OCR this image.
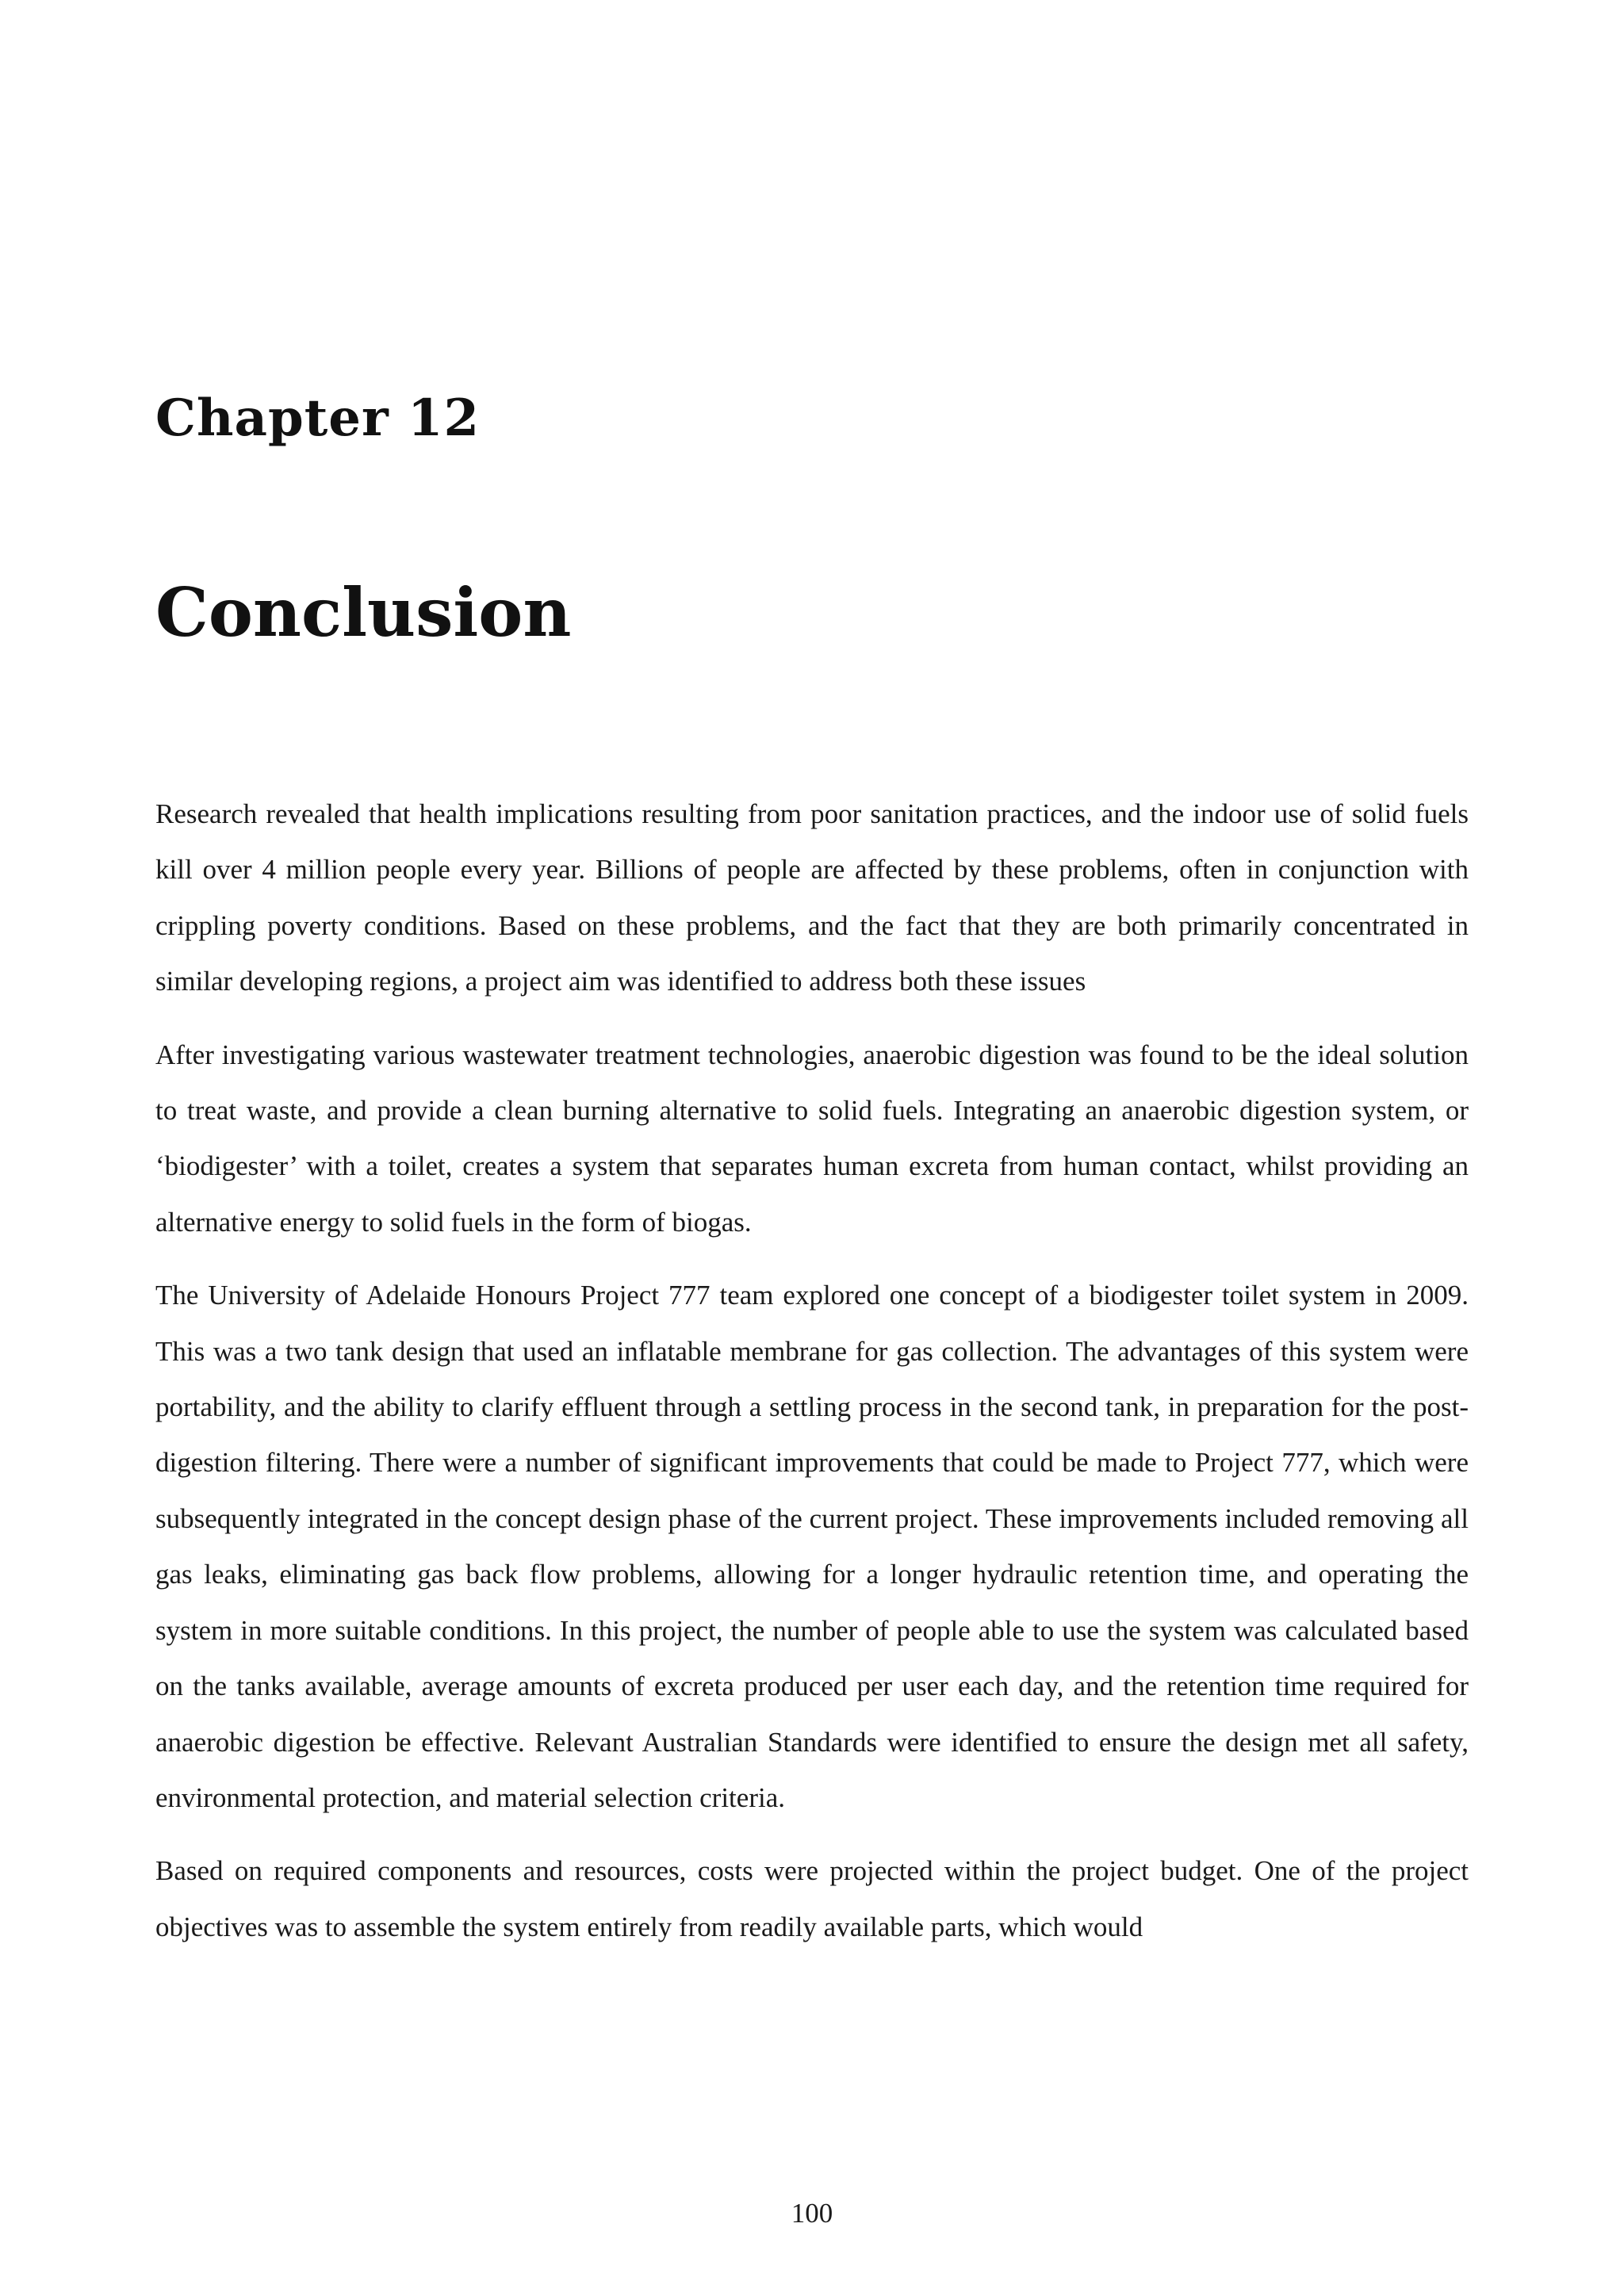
Chapter 12
Conclusion

Research revealed that health implications resulting from poor sanitation practices, and the indoor use of solid fuels kill over 4 million people every year. Billions of people are affected by these problems, often in conjunction with crippling poverty conditions. Based on these problems, and the fact that they are both primarily concentrated in similar developing regions, a project aim was identified to address both these issues

After investigating various wastewater treatment technologies, anaerobic digestion was found to be the ideal solution to treat waste, and provide a clean burning alternative to solid fuels. Integrating an anaerobic digestion system, or ‘biodigester’ with a toilet, creates a system that separates human excreta from human contact, whilst providing an alternative energy to solid fuels in the form of biogas.

The University of Adelaide Honours Project 777 team explored one concept of a biodigester toilet system in 2009. This was a two tank design that used an inflatable membrane for gas collection. The advantages of this system were portability, and the ability to clarify effluent through a settling process in the second tank, in preparation for the post-digestion filtering. There were a number of significant improvements that could be made to Project 777, which were subsequently integrated in the concept design phase of the current project. These improvements included removing all gas leaks, eliminating gas back flow problems, allowing for a longer hydraulic retention time, and operating the system in more suitable conditions. In this project, the number of people able to use the system was calculated based on the tanks available, average amounts of excreta produced per user each day, and the retention time required for anaerobic digestion be effective. Relevant Australian Standards were identified to ensure the design met all safety, environmental protection, and material selection criteria.

Based on required components and resources, costs were projected within the project budget. One of the project objectives was to assemble the system entirely from readily available parts, which would

100
